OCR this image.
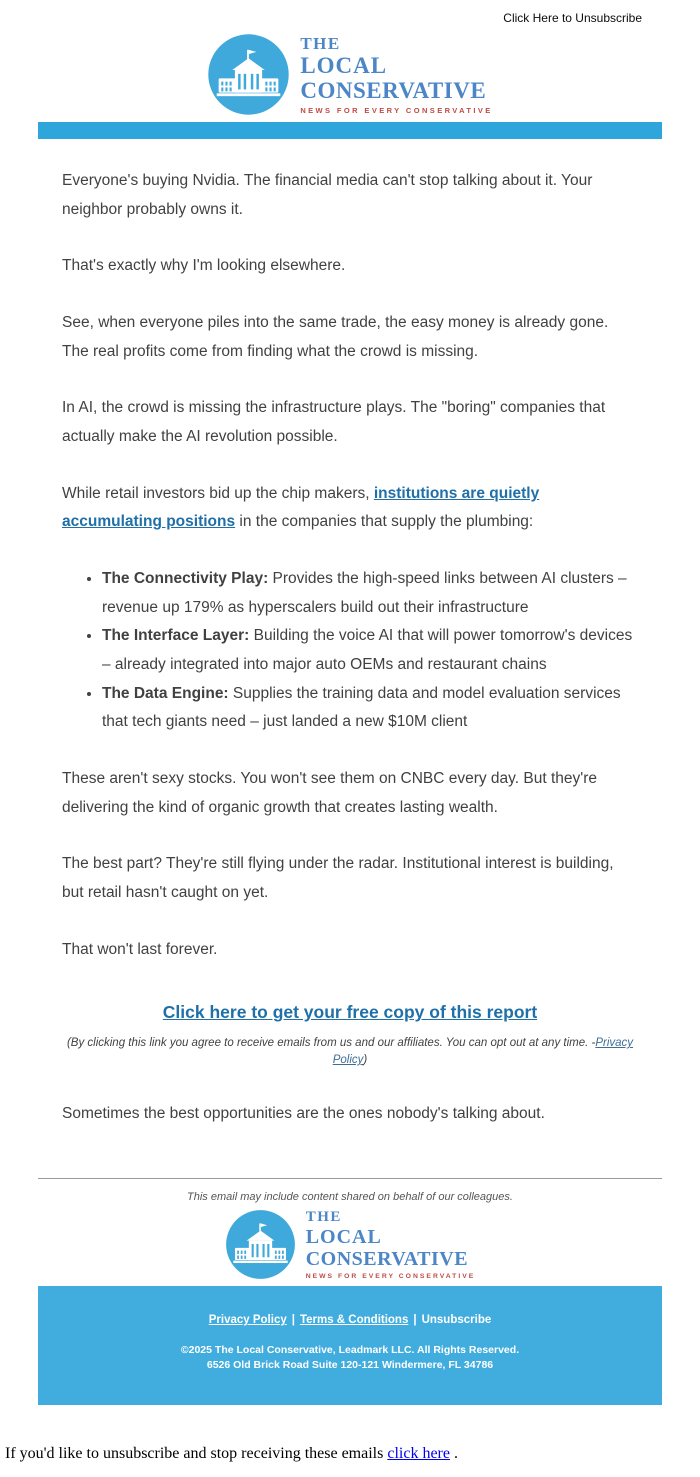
Click Here to Unsubscribe
THE
LOCAL
CONSERVATIVE
NEWS FOR EVERY CONSERVATIVE

Everyone's buying Nvidia. The financial media can't stop talking about it. Your neighbor probably owns it.

That's exactly why I'm looking elsewhere.

See, when everyone piles into the same trade, the easy money is already gone. The real profits come from finding what the crowd is missing.

In AI, the crowd is missing the infrastructure plays. The "boring" companies that actually make the AI revolution possible.

While retail investors bid up the chip makers, institutions are quietly accumulating positions in the companies that supply the plumbing:

• The Connectivity Play: Provides the high-speed links between AI clusters – revenue up 179% as hyperscalers build out their infrastructure
• The Interface Layer: Building the voice AI that will power tomorrow's devices – already integrated into major auto OEMs and restaurant chains
• The Data Engine: Supplies the training data and model evaluation services that tech giants need – just landed a new $10M client

These aren't sexy stocks. You won't see them on CNBC every day. But they're delivering the kind of organic growth that creates lasting wealth.

The best part? They're still flying under the radar. Institutional interest is building, but retail hasn't caught on yet.

That won't last forever.

Click here to get your free copy of this report

(By clicking this link you agree to receive emails from us and our affiliates. You can opt out at any time. -Privacy Policy)

Sometimes the best opportunities are the ones nobody's talking about.

This email may include content shared on behalf of our colleagues.
THE
LOCAL
CONSERVATIVE
NEWS FOR EVERY CONSERVATIVE
Privacy Policy | Terms & Conditions | Unsubscribe
©2025 The Local Conservative, Leadmark LLC. All Rights Reserved.
6526 Old Brick Road Suite 120-121 Windermere, FL 34786
If you'd like to unsubscribe and stop receiving these emails click here .
